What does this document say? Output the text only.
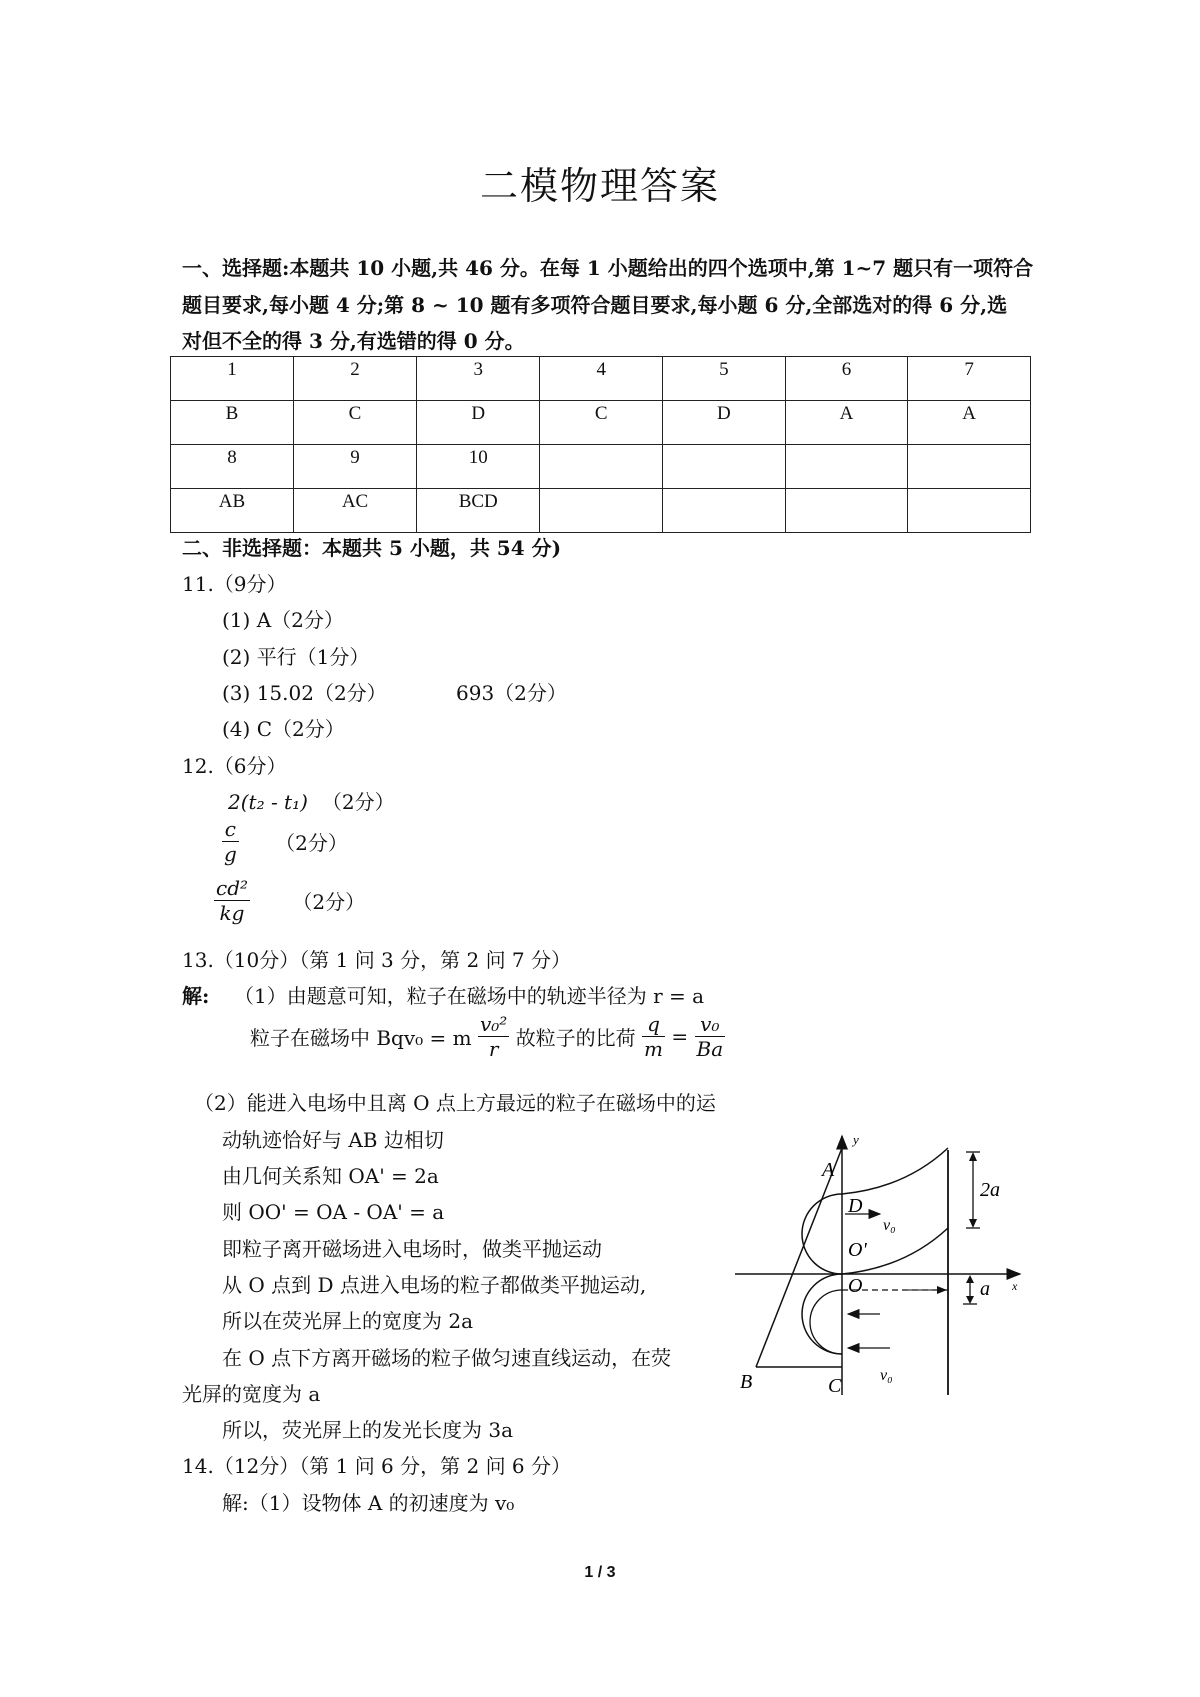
二模物理答案
一、选择题:本题共 10 小题,共 46 分。在每 1 小题给出的四个选项中,第 1~7 题只有一项符合
题目要求,每小题 4 分;第 8 ~ 10 题有多项符合题目要求,每小题 6 分,全部选对的得 6 分,选
对但不全的得 3 分,有选错的得 0 分。
1	2	3	4	5	6	7
B	C	D	C	D	A	A
8	9	10				
AB	AC	BCD				
二、非选择题：本题共 5 小题，共 54 分)
11.（9分）
(1) A（2分）
(2) 平行（1分）
(3) 15.02（2分）	693（2分）
(4) C（2分）
12.（6分）
2(t₂ - t₁) （2分）
$\frac{c}{g} (2$分）
$\frac{\text{cd²}}{kg} (2$分）
13.（10分）（第 1 问 3 分，第 2 问 7 分）
解: （1）由题意可知，粒子在磁场中的轨迹半径为 r = a
粒子在磁场中 Bqv₀ = m $\frac{\text{v₀²}}{r}$ 故粒子的比荷 $\frac{q}{m} = \frac{\text{v₀}}{Ba}$
（2）能进入电场中且离 O 点上方最远的粒子在磁场中的运
动轨迹恰好与 AB 边相切
由几何关系知 OA' = 2a
则 OO' = OA - OA' = a
即粒子离开磁场进入电场时，做类平抛运动
从 O 点到 D 点进入电场的粒子都做类平抛运动,
所以在荧光屏上的宽度为 2a
在 O 点下方离开磁场的粒子做匀速直线运动，在荧
光屏的宽度为 a
所以，荧光屏上的发光长度为 3a
14.（12分）（第 1 问 6 分，第 2 问 6 分）
解:（1）设物体 A 的初速度为 v₀
y
x
2a
a
A
D
v₀
O'
O
B	C v₀
1 / 3
